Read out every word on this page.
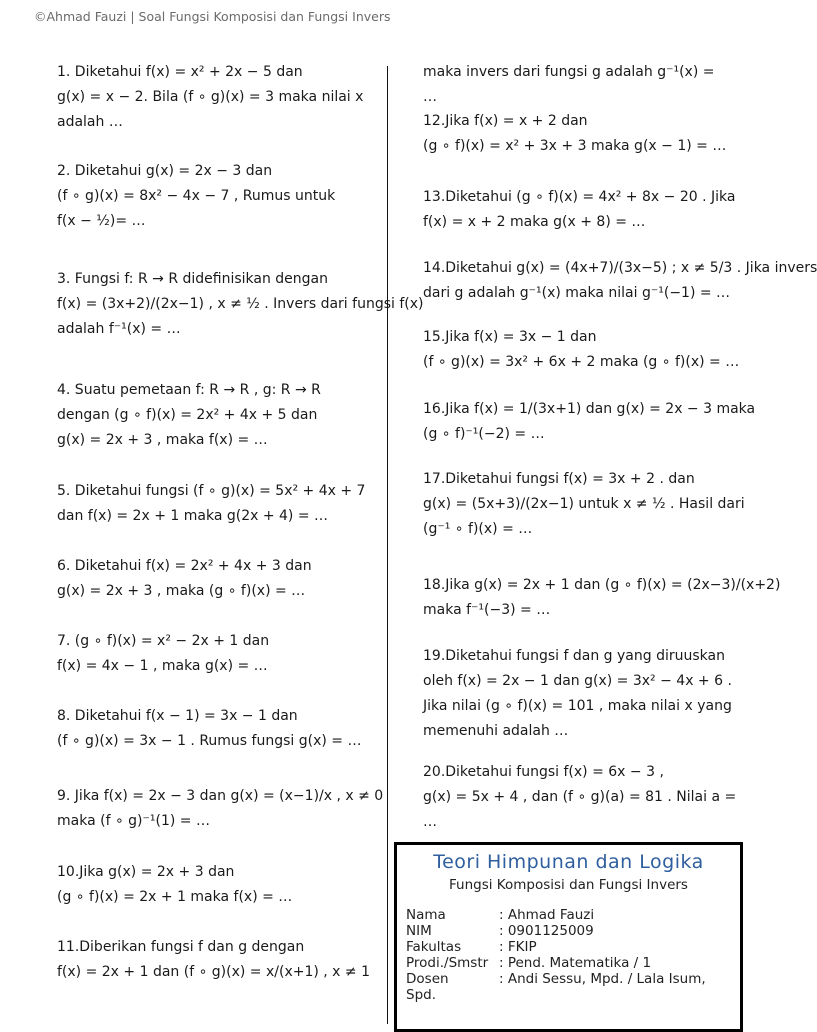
©Ahmad Fauzi | Soal Fungsi Komposisi dan Fungsi Invers
1. Diketahui f(x) = x² + 2x − 5 dan
g(x) = x − 2. Bila (f ∘ g)(x) = 3 maka nilai x
adalah …
2. Diketahui g(x) = 2x − 3 dan
(f ∘ g)(x) = 8x² − 4x − 7 , Rumus untuk
f(x − ½)= …
3. Fungsi f: R → R didefinisikan dengan
f(x) = (3x+2)/(2x−1) , x ≠ ½ . Invers dari fungsi f(x)
adalah f⁻¹(x) = …
4. Suatu pemetaan f: R → R , g: R → R
dengan (g ∘ f)(x) = 2x² + 4x + 5 dan
g(x) = 2x + 3 , maka f(x) = …
5. Diketahui fungsi (f ∘ g)(x) = 5x² + 4x + 7
dan f(x) = 2x + 1 maka g(2x + 4) = …
6. Diketahui f(x) = 2x² + 4x + 3 dan
g(x) = 2x + 3 , maka (g ∘ f)(x) = …
7. (g ∘ f)(x) = x² − 2x + 1 dan
f(x) = 4x − 1 , maka g(x) = …
8. Diketahui f(x − 1) = 3x − 1 dan
(f ∘ g)(x) = 3x − 1 . Rumus fungsi g(x) = …
9. Jika f(x) = 2x − 3 dan g(x) = (x−1)/x , x ≠ 0
maka (f ∘ g)⁻¹(1) = …
10.Jika g(x) = 2x + 3 dan
(g ∘ f)(x) = 2x + 1 maka f(x) = …
11.Diberikan fungsi f dan g dengan
f(x) = 2x + 1 dan (f ∘ g)(x) = x/(x+1) , x ≠ 1
maka invers dari fungsi g adalah g⁻¹(x) =
…
12.Jika f(x) = x + 2 dan
(g ∘ f)(x) = x² + 3x + 3 maka g(x − 1) = …
13.Diketahui (g ∘ f)(x) = 4x² + 8x − 20 . Jika
f(x) = x + 2 maka g(x + 8) = …
14.Diketahui g(x) = (4x+7)/(3x−5) ; x ≠ 5/3 . Jika invers
dari g adalah g⁻¹(x) maka nilai g⁻¹(−1) = …
15.Jika f(x) = 3x − 1 dan
(f ∘ g)(x) = 3x² + 6x + 2 maka (g ∘ f)(x) = …
16.Jika f(x) = 1/(3x+1) dan g(x) = 2x − 3 maka
(g ∘ f)⁻¹(−2) = …
17.Diketahui fungsi f(x) = 3x + 2 . dan
g(x) = (5x+3)/(2x−1) untuk x ≠ ½ . Hasil dari
(g⁻¹ ∘ f)(x) = …
18.Jika g(x) = 2x + 1 dan (g ∘ f)(x) = (2x−3)/(x+2)
maka f⁻¹(−3) = …
19.Diketahui fungsi f dan g yang diruuskan
oleh f(x) = 2x − 1 dan g(x) = 3x² − 4x + 6 .
Jika nilai (g ∘ f)(x) = 101 , maka nilai x yang
memenuhi adalah …
20.Diketahui fungsi f(x) = 6x − 3 ,
g(x) = 5x + 4 , dan (f ∘ g)(a) = 81 . Nilai a =
…
Teori Himpunan dan Logika
Fungsi Komposisi dan Fungsi Invers
Nama	: Ahmad Fauzi
NIM	: 0901125009
Fakultas	: FKIP
Prodi./Smstr : Pend. Matematika / 1
Dosen	: Andi Sessu, Mpd. / Lala Isum,
Spd.
